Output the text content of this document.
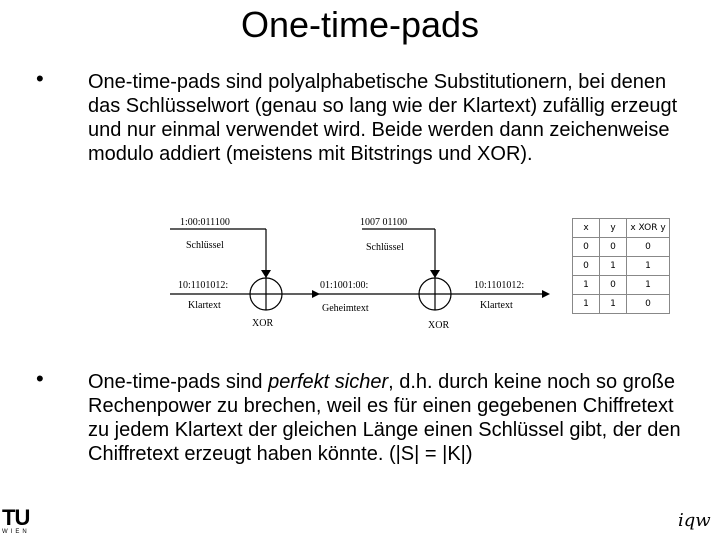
One-time-pads
• One-time-pads sind polyalphabetische Substitutionern, bei denen das Schlüsselwort (genau so lang wie der Klartext) zufällig erzeugt und nur einmal verwendet wird. Beide werden dann zeichenweise modulo addiert (meistens mit Bitstrings und XOR).
1:00:011100
Schlüssel
1007 01100
Schlüssel
10:1101012:
Klartext
01:1001:00:
Geheimtext
10:1101012:
Klartext
XOR	XOR
x	y	x XOR y
0	0	0
0	1	1
1	0	1
1	1	0
• One-time-pads sind perfekt sicher, d.h. durch keine noch so große Rechenpower zu brechen, weil es für einen gegebenen Chiffretext zu jedem Klartext der gleichen Länge einen Schlüssel gibt, der den Chiffretext erzeugt haben könnte. (|S| = |K|)
TU
WIEN
iqw
